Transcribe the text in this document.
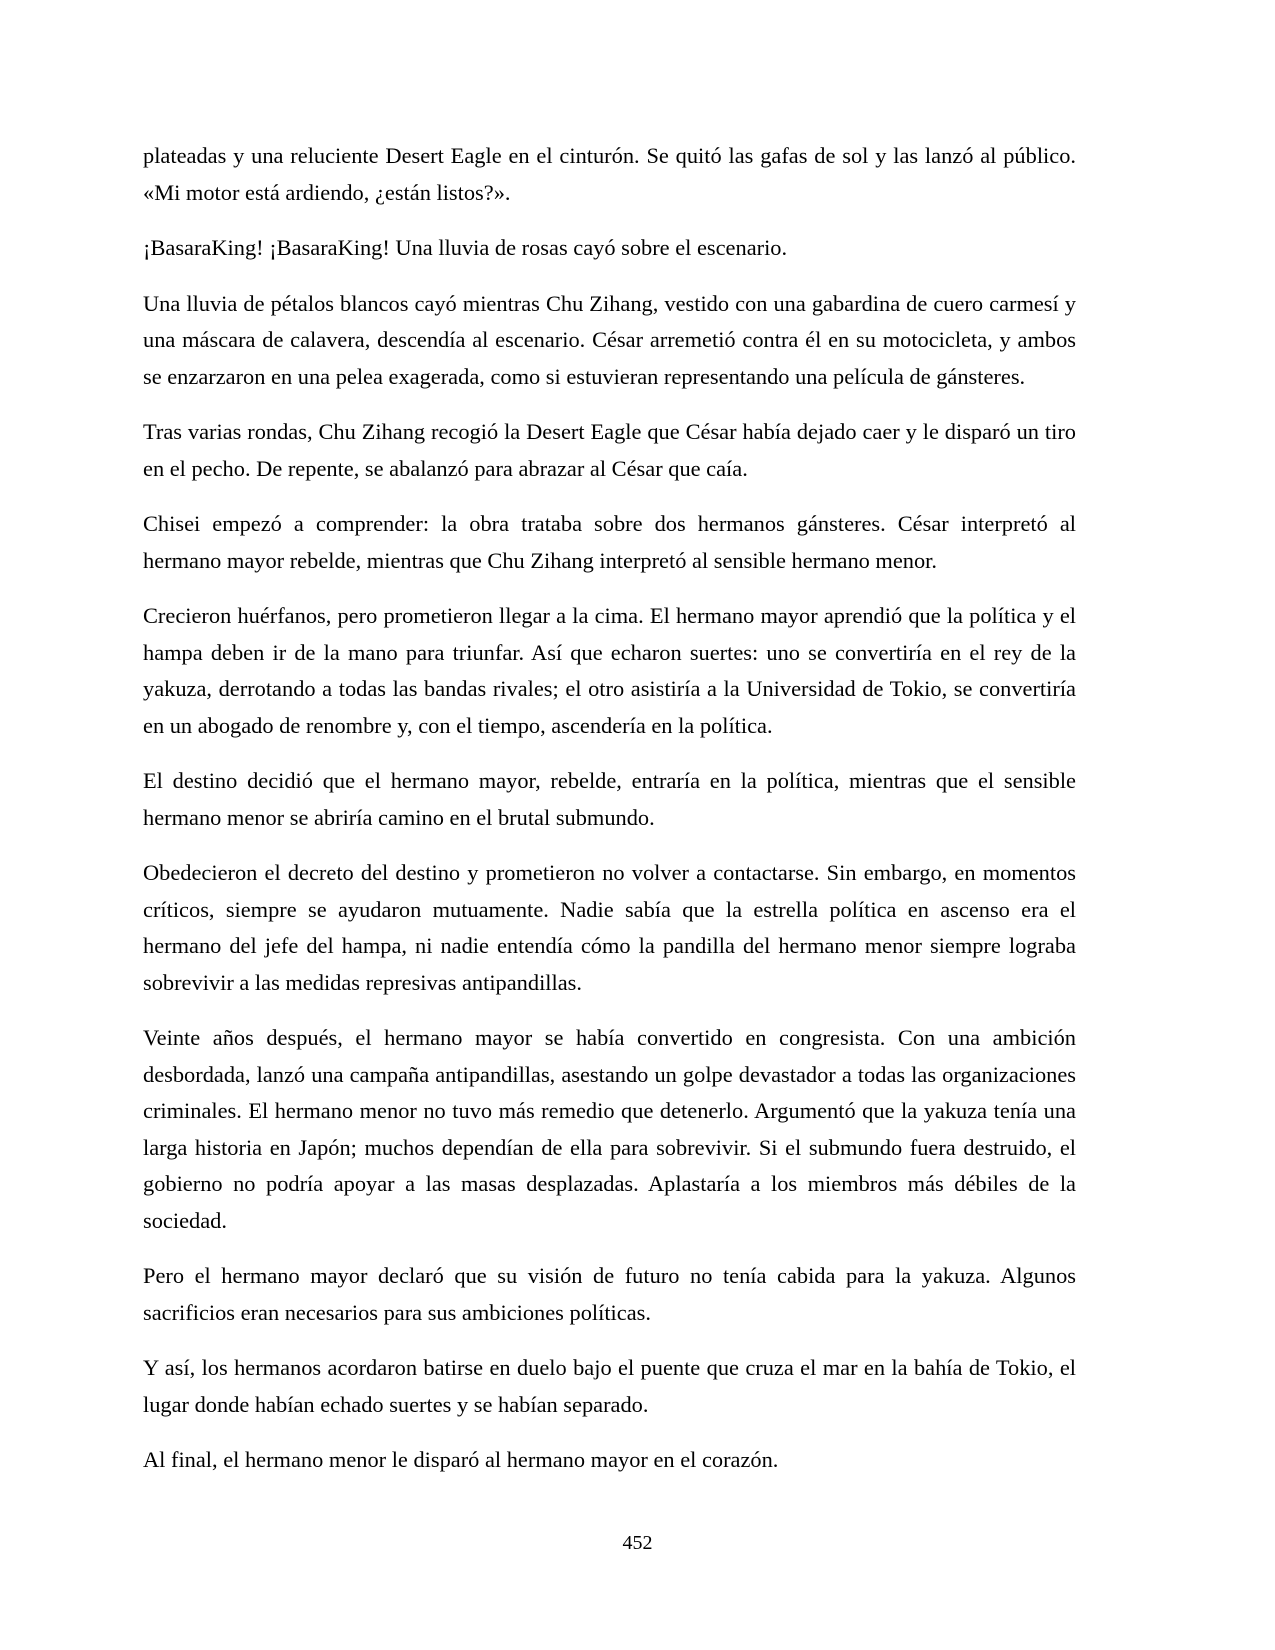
plateadas y una reluciente Desert Eagle en el cinturón. Se quitó las gafas de sol y las lanzó al público. «Mi motor está ardiendo, ¿están listos?».

¡BasaraKing! ¡BasaraKing! Una lluvia de rosas cayó sobre el escenario.

Una lluvia de pétalos blancos cayó mientras Chu Zihang, vestido con una gabardina de cuero carmesí y una máscara de calavera, descendía al escenario. César arremetió contra él en su motocicleta, y ambos se enzarzaron en una pelea exagerada, como si estuvieran representando una película de gánsteres.

Tras varias rondas, Chu Zihang recogió la Desert Eagle que César había dejado caer y le disparó un tiro en el pecho. De repente, se abalanzó para abrazar al César que caía.

Chisei empezó a comprender: la obra trataba sobre dos hermanos gánsteres. César interpretó al hermano mayor rebelde, mientras que Chu Zihang interpretó al sensible hermano menor.

Crecieron huérfanos, pero prometieron llegar a la cima. El hermano mayor aprendió que la política y el hampa deben ir de la mano para triunfar. Así que echaron suertes: uno se convertiría en el rey de la yakuza, derrotando a todas las bandas rivales; el otro asistiría a la Universidad de Tokio, se convertiría en un abogado de renombre y, con el tiempo, ascendería en la política.

El destino decidió que el hermano mayor, rebelde, entraría en la política, mientras que el sensible hermano menor se abriría camino en el brutal submundo.

Obedecieron el decreto del destino y prometieron no volver a contactarse. Sin embargo, en momentos críticos, siempre se ayudaron mutuamente. Nadie sabía que la estrella política en ascenso era el hermano del jefe del hampa, ni nadie entendía cómo la pandilla del hermano menor siempre lograba sobrevivir a las medidas represivas antipandillas.

Veinte años después, el hermano mayor se había convertido en congresista. Con una ambición desbordada, lanzó una campaña antipandillas, asestando un golpe devastador a todas las organizaciones criminales. El hermano menor no tuvo más remedio que detenerlo. Argumentó que la yakuza tenía una larga historia en Japón; muchos dependían de ella para sobrevivir. Si el submundo fuera destruido, el gobierno no podría apoyar a las masas desplazadas. Aplastaría a los miembros más débiles de la sociedad.

Pero el hermano mayor declaró que su visión de futuro no tenía cabida para la yakuza. Algunos sacrificios eran necesarios para sus ambiciones políticas.

Y así, los hermanos acordaron batirse en duelo bajo el puente que cruza el mar en la bahía de Tokio, el lugar donde habían echado suertes y se habían separado.

Al final, el hermano menor le disparó al hermano mayor en el corazón.

452
